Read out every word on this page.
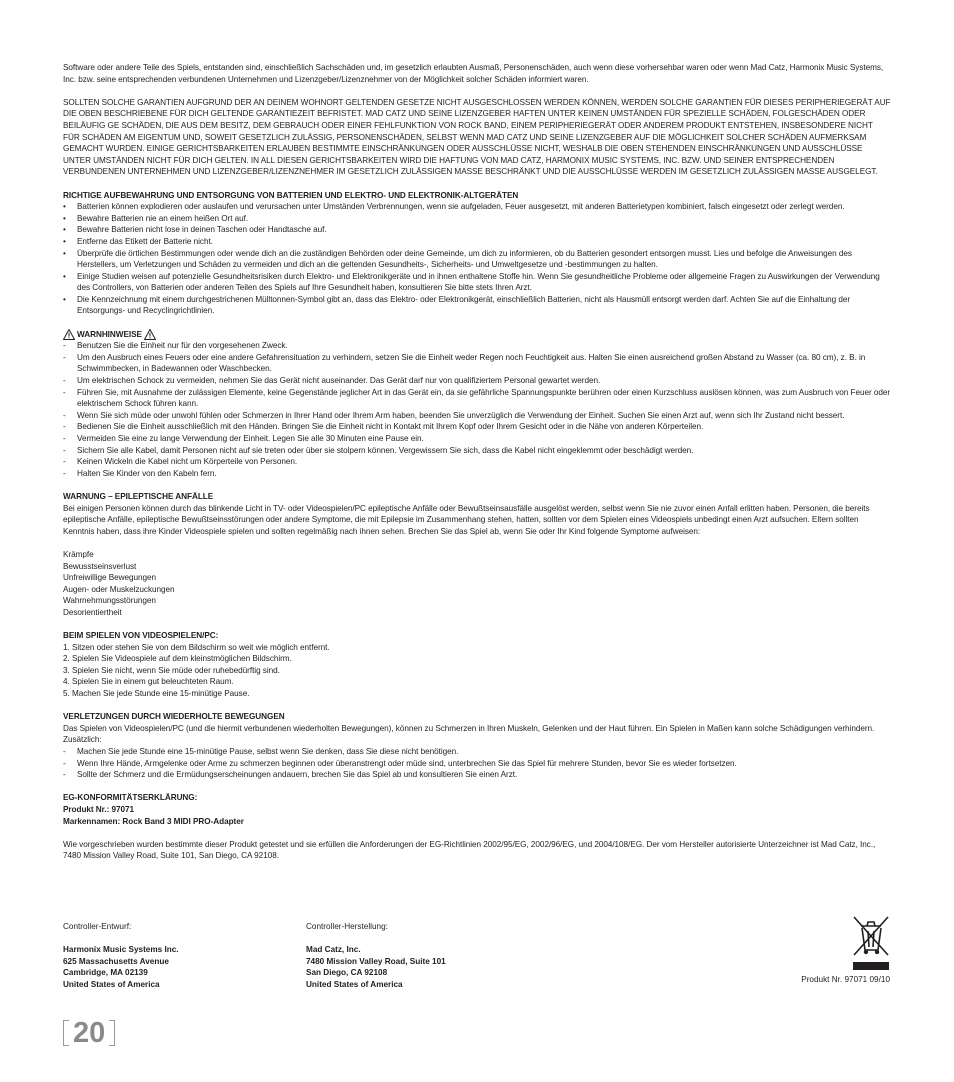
Software oder andere Teile des Spiels, entstanden sind, einschließlich Sachschäden und, im gesetzlich erlaubten Ausmaß, Personenschäden, auch wenn diese vorhersehbar waren oder wenn Mad Catz, Harmonix Music Systems, Inc. bzw. seine entsprechenden verbundenen Unternehmen und Lizenzgeber/Lizenznehmer von der Möglichkeit solcher Schäden informiert waren.

SOLLTEN SOLCHE GARANTIEN AUFGRUND DER AN DEINEM WOHNORT GELTENDEN GESETZE NICHT AUSGESCHLOSSEN WERDEN KÖNNEN, WERDEN SOLCHE GARANTIEN FÜR DIESES PERIPHERIEGERÄT AUF DIE OBEN BESCHRIEBENE FÜR DICH GELTENDE GARANTIEZEIT BEFRISTET. MAD CATZ UND SEINE LIZENZGEBER HAFTEN UNTER KEINEN UMSTÄNDEN FÜR SPEZIELLE SCHÄDEN, FOLGESCHÄDEN ODER BEILÄUFIG GE SCHÄDEN, DIE AUS DEM BESITZ, DEM GEBRAUCH ODER EINER FEHLFUNKTION VON ROCK BAND, EINEM PERIPHERIEGERÄT ODER ANDEREM PRODUKT ENTSTEHEN, INSBESONDERE NICHT FÜR SCHÄDEN AM EIGENTUM UND, SOWEIT GESETZLICH ZULÄSSIG, PERSONENSCHÄDEN, SELBST WENN MAD CATZ UND SEINE LIZENZGEBER AUF DIE MÖGLICHKEIT SOLCHER SCHÄDEN AUFMERKSAM GEMACHT WURDEN. EINIGE GERICHTSBARKEITEN ERLAUBEN BESTIMMTE EINSCHRÄNKUNGEN ODER AUSSCHLÜSSE NICHT, WESHALB DIE OBEN STEHENDEN EINSCHRÄNKUNGEN UND AUSSCHLÜSSE UNTER UMSTÄNDEN NICHT FÜR DICH GELTEN. IN ALL DIESEN GERICHTSBARKEITEN WIRD DIE HAFTUNG VON MAD CATZ, HARMONIX MUSIC SYSTEMS, INC. BZW. UND SEINER ENTSPRECHENDEN VERBUNDENEN UNTERNEHMEN UND LIZENZGEBER/LIZENZNEHMER IM GESETZLICH ZULÄSSIGEN MASSE BESCHRÄNKT UND DIE AUSSCHLÜSSE WERDEN IM GESETZLICH ZULÄSSIGEN MASSE AUSGELEGT.

RICHTIGE AUFBEWAHRUNG UND ENTSORGUNG VON BATTERIEN UND ELEKTRO- UND ELEKTRONIK-ALTGERÄTEN

• Batterien können explodieren oder auslaufen und verursachen unter Umständen Verbrennungen, wenn sie aufgeladen, Feuer ausgesetzt, mit anderen Batterietypen kombiniert, falsch eingesetzt oder zerlegt werden.
• Bewahre Batterien nie an einem heißen Ort auf.
• Bewahre Batterien nicht lose in deinen Taschen oder Handtasche auf.
• Entferne das Etikett der Batterie nicht.
• Überprüfe die örtlichen Bestimmungen oder wende dich an die zuständigen Behörden oder deine Gemeinde, um dich zu informieren, ob du Batterien gesondert entsorgen musst. Lies und befolge die Anweisungen des Herstellers, um Verletzungen und Schäden zu vermeiden und dich an die geltenden Gesundheits-, Sicherheits- und Umweltgesetze und -bestimmungen zu halten.
• Einige Studien weisen auf potenzielle Gesundheitsrisiken durch Elektro- und Elektronikgeräte und in ihnen enthaltene Stoffe hin. Wenn Sie gesundheitliche Probleme oder allgemeine Fragen zu Auswirkungen der Verwendung des Controllers, von Batterien oder anderen Teilen des Spiels auf Ihre Gesundheit haben, konsultieren Sie bitte stets Ihren Arzt.
• Die Kennzeichnung mit einem durchgestrichenen Mülltonnen-Symbol gibt an, dass das Elektro- oder Elektronikgerät, einschließlich Batterien, nicht als Hausmüll entsorgt werden darf. Achten Sie auf die Einhaltung der Entsorgungs- und Recyclingrichtlinien.
WARNHINWEISE
- Benutzen Sie die Einheit nur für den vorgesehenen Zweck.
- Um den Ausbruch eines Feuers oder eine andere Gefahrensituation zu verhindern, setzen Sie die Einheit weder Regen noch Feuchtigkeit aus. Halten Sie einen ausreichend großen Abstand zu Wasser (ca. 80 cm), z. B. in Schwimmbecken, in Badewannen oder Waschbecken.
- Um elektrischen Schock zu vermeiden, nehmen Sie das Gerät nicht auseinander. Das Gerät darf nur von qualifiziertem Personal gewartet werden.
- Führen Sie, mit Ausnahme der zulässigen Elemente, keine Gegenstände jeglicher Art in das Gerät ein, da sie gefährliche Spannungspunkte berühren oder einen Kurzschluss auslösen können, was zum Ausbruch von Feuer oder elektrischem Schock führen kann.
- Wenn Sie sich müde oder unwohl fühlen oder Schmerzen in Ihrer Hand oder Ihrem Arm haben, beenden Sie unverzüglich die Verwendung der Einheit. Suchen Sie einen Arzt auf, wenn sich Ihr Zustand nicht bessert.
- Bedienen Sie die Einheit ausschließlich mit den Händen. Bringen Sie die Einheit nicht in Kontakt mit Ihrem Kopf oder Ihrem Gesicht oder in die Nähe von anderen Körperteilen.
- Vermeiden Sie eine zu lange Verwendung der Einheit. Legen Sie alle 30 Minuten eine Pause ein.
- Sichern Sie alle Kabel, damit Personen nicht auf sie treten oder über sie stolpern können. Vergewissern Sie sich, dass die Kabel nicht eingeklemmt oder beschädigt werden.
- Keinen Wickeln die Kabel nicht um Körperteile von Personen.
- Halten Sie Kinder von den Kabeln fern.

WARNUNG – EPILEPTISCHE ANFÄLLE

Bei einigen Personen können durch das blinkende Licht in TV- oder Videospielen/PC epileptische Anfälle oder Bewußtseinsausfälle ausgelöst werden, selbst wenn Sie nie zuvor einen Anfall erlitten haben. Personen, die bereits epileptische Anfälle, epileptische Bewußtseinsstörungen oder andere Symptome, die mit Epilepsie im Zusammenhang stehen, hatten, sollten vor dem Spielen eines Videospiels unbedingt einen Arzt aufsuchen. Eltern sollten Kenntnis haben, dass ihre Kinder Videospiele spielen und sollten regelmäßig nach ihnen sehen. Brechen Sie das Spiel ab, wenn Sie oder Ihr Kind folgende Symptome aufweisen:

Krämpfe

Bewusstseinsverlust

Unfreiwillige Bewegungen

Augen- oder Muskelzuckungen

Wahrnehmungsstörungen

Desorientiertheit

BEIM SPIELEN VON VIDEOSPIELEN/PC:

1. Sitzen oder stehen Sie von dem Bildschirm so weit wie möglich entfernt.

2. Spielen Sie Videospiele auf dem kleinstmöglichen Bildschirm.

3. Spielen Sie nicht, wenn Sie müde oder ruhebedürftig sind.

4. Spielen Sie in einem gut beleuchteten Raum.

5. Machen Sie jede Stunde eine 15-minütige Pause.

VERLETZUNGEN DURCH WIEDERHOLTE BEWEGUNGEN

Das Spielen von Videospielen/PC (und die hiermit verbundenen wiederholten Bewegungen), können zu Schmerzen in Ihren Muskeln, Gelenken und der Haut führen. Ein Spielen in Maßen kann solche Schädigungen verhindern. Zusätzlich:

- Machen Sie jede Stunde eine 15-minütige Pause, selbst wenn Sie denken, dass Sie diese nicht benötigen.
- Wenn Ihre Hände, Armgelenke oder Arme zu schmerzen beginnen oder überanstrengt oder müde sind, unterbrechen Sie das Spiel für mehrere Stunden, bevor Sie es wieder fortsetzen.
- Sollte der Schmerz und die Ermüdungserscheinungen andauern, brechen Sie das Spiel ab und konsultieren Sie einen Arzt.

EG-KONFORMITÄTSERKLÄRUNG:

Produkt Nr.: 97071

Markennamen: Rock Band 3 MIDI PRO-Adapter

Wie vorgeschrieben wurden bestimmte dieser Produkt getestet und sie erfüllen die Anforderungen der EG-Richtlinien 2002/95/EG, 2002/96/EG, und 2004/108/EG. Der vom Hersteller autorisierte Unterzeichner ist Mad Catz, Inc., 7480 Mission Valley Road, Suite 101, San Diego, CA 92108.

Controller-Entwurf:

Harmonix Music Systems Inc.

625 Massachusetts Avenue

Cambridge, MA 02139

United States of America

Controller-Herstellung:

Mad Catz, Inc.

7480 Mission Valley Road, Suite 101

San Diego, CA 92108

United States of America

Produkt Nr. 97071 09/10
20
